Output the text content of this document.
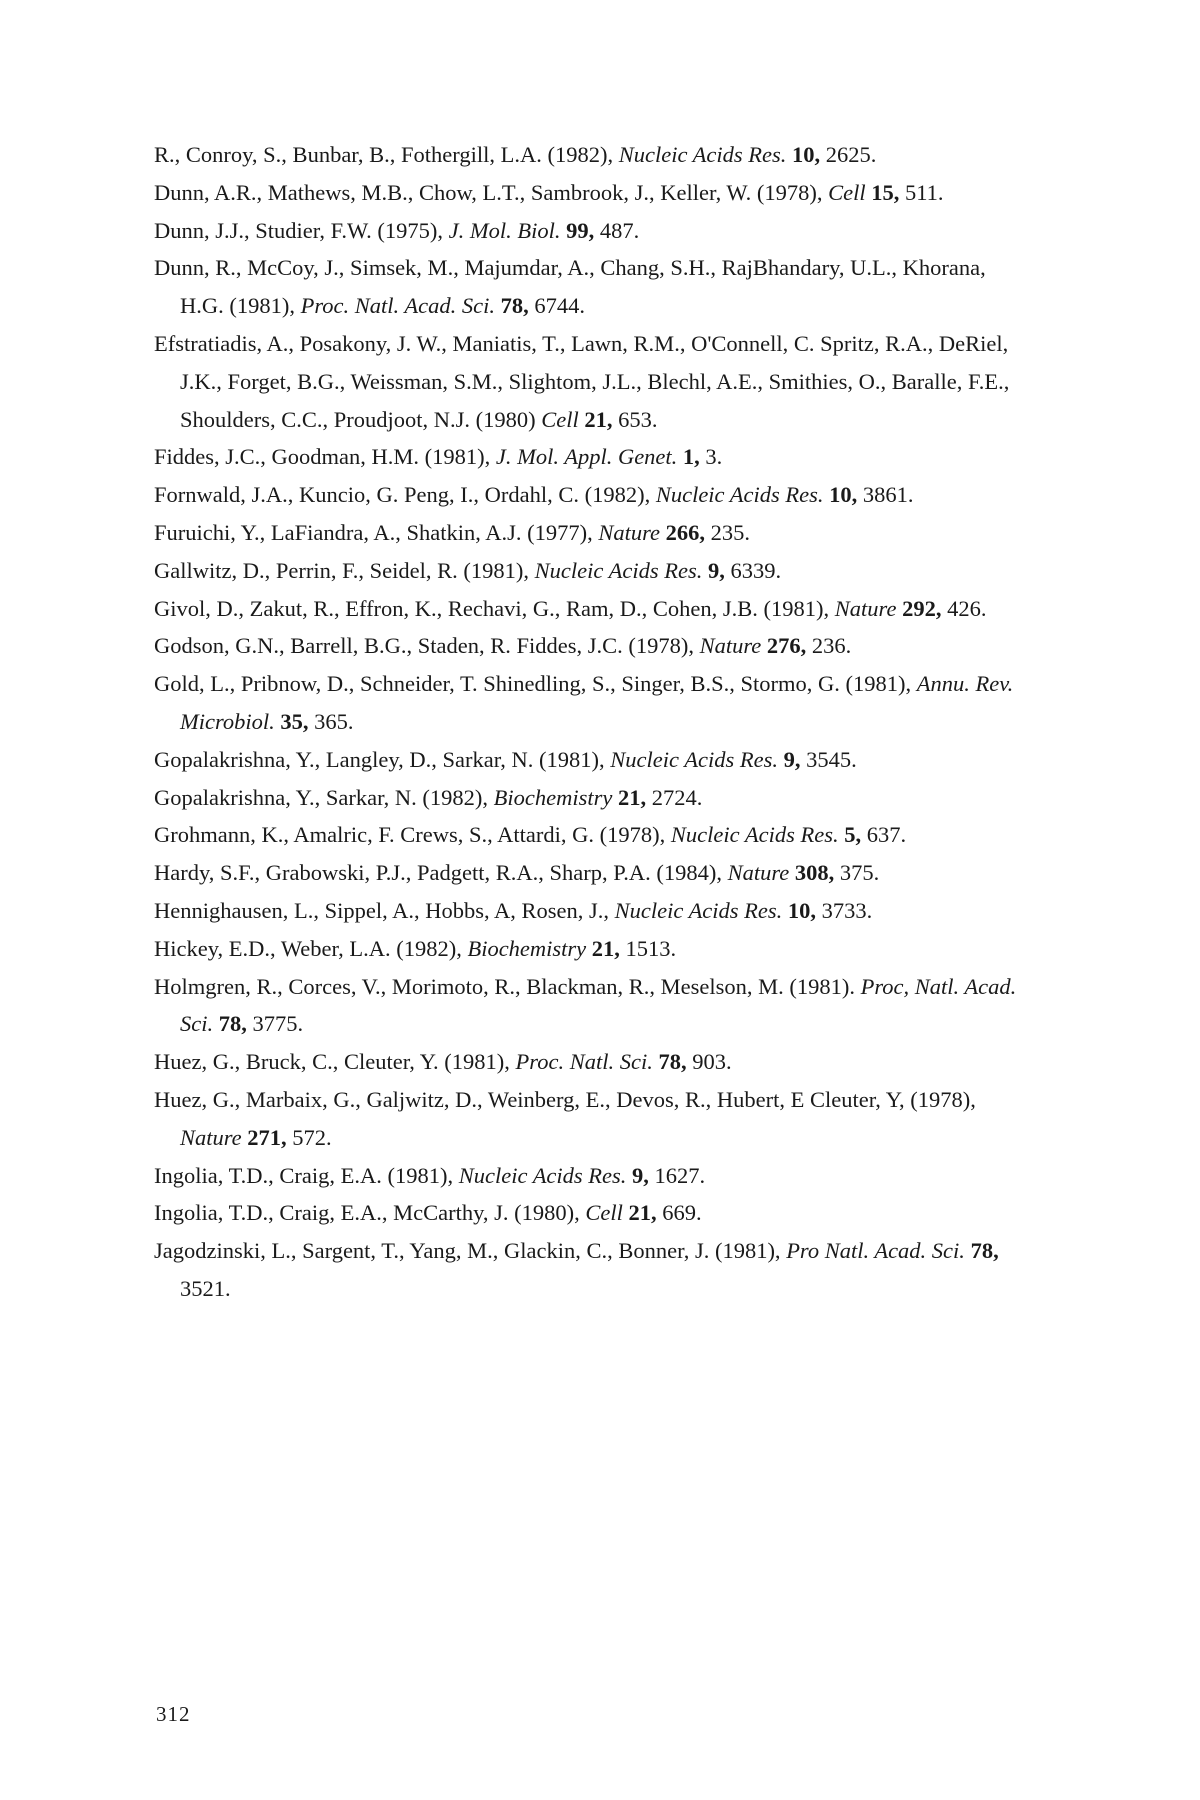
R., Conroy, S., Bunbar, B., Fothergill, L.A. (1982), Nucleic Acids Res. 10, 2625.
Dunn, A.R., Mathews, M.B., Chow, L.T., Sambrook, J., Keller, W. (1978), Cell 15, 511.
Dunn, J.J., Studier, F.W. (1975), J. Mol. Biol. 99, 487.
Dunn, R., McCoy, J., Simsek, M., Majumdar, A., Chang, S.H., RajBhandary, U.L., Khorana, H.G. (1981), Proc. Natl. Acad. Sci. 78, 6744.
Efstratiadis, A., Posakony, J. W., Maniatis, T., Lawn, R.M., O'Connell, C. Spritz, R.A., DeRiel, J.K., Forget, B.G., Weissman, S.M., Slightom, J.L., Blechl, A.E., Smithies, O., Baralle, F.E., Shoulders, C.C., Proudjoot, N.J. (1980) Cell 21, 653.
Fiddes, J.C., Goodman, H.M. (1981), J. Mol. Appl. Genet. 1, 3.
Fornwald, J.A., Kuncio, G. Peng, I., Ordahl, C. (1982), Nucleic Acids Res. 10, 3861.
Furuichi, Y., LaFiandra, A., Shatkin, A.J. (1977), Nature 266, 235.
Gallwitz, D., Perrin, F., Seidel, R. (1981), Nucleic Acids Res. 9, 6339.
Givol, D., Zakut, R., Effron, K., Rechavi, G., Ram, D., Cohen, J.B. (1981), Nature 292, 426.
Godson, G.N., Barrell, B.G., Staden, R. Fiddes, J.C. (1978), Nature 276, 236.
Gold, L., Pribnow, D., Schneider, T. Shinedling, S., Singer, B.S., Stormo, G. (1981), Annu. Rev. Microbiol. 35, 365.
Gopalakrishna, Y., Langley, D., Sarkar, N. (1981), Nucleic Acids Res. 9, 3545.
Gopalakrishna, Y., Sarkar, N. (1982), Biochemistry 21, 2724.
Grohmann, K., Amalric, F. Crews, S., Attardi, G. (1978), Nucleic Acids Res. 5, 637.
Hardy, S.F., Grabowski, P.J., Padgett, R.A., Sharp, P.A. (1984), Nature 308, 375.
Hennighausen, L., Sippel, A., Hobbs, A, Rosen, J., Nucleic Acids Res. 10, 3733.
Hickey, E.D., Weber, L.A. (1982), Biochemistry 21, 1513.
Holmgren, R., Corces, V., Morimoto, R., Blackman, R., Meselson, M. (1981). Proc, Natl. Acad. Sci. 78, 3775.
Huez, G., Bruck, C., Cleuter, Y. (1981), Proc. Natl. Sci. 78, 903.
Huez, G., Marbaix, G., Galjwitz, D., Weinberg, E., Devos, R., Hubert, E Cleuter, Y, (1978), Nature 271, 572.
Ingolia, T.D., Craig, E.A. (1981), Nucleic Acids Res. 9, 1627.
Ingolia, T.D., Craig, E.A., McCarthy, J. (1980), Cell 21, 669.
Jagodzinski, L., Sargent, T., Yang, M., Glackin, C., Bonner, J. (1981), Pro Natl. Acad. Sci. 78, 3521.
312
